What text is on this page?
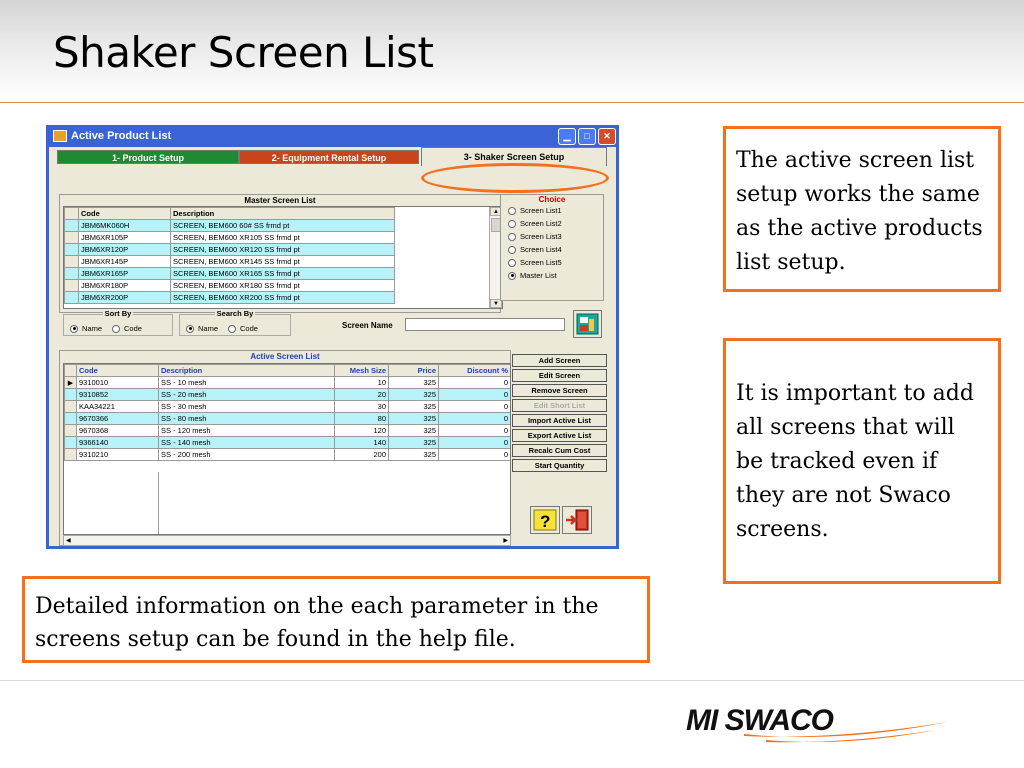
Shaker Screen List
Active Product List	▁	□	✕
1- Product Setup	2- Equipment Rental Setup	3- Shaker Screen Setup
Master Screen List
	Code	Description
	JBM6MK060H	SCREEN, BEM600 60# SS frmd pt
	JBM6XR105P	SCREEN, BEM600 XR105 SS frmd pt
	JBM6XR120P	SCREEN, BEM600 XR120 SS frmd pt
	JBM6XR145P	SCREEN, BEM600 XR145 SS frmd pt
	JBM6XR165P	SCREEN, BEM600 XR165 SS frmd pt
	JBM6XR180P	SCREEN, BEM600 XR180 SS frmd pt
	JBM6XR200P	SCREEN, BEM600 XR200 SS frmd pt
▲
▼
Choice
Screen List1
Screen List2
Screen List3
Screen List4
Screen List5
Master List
Sort By
Name	Code
Search By
Name	Code	Screen Name
Active Screen List
	Code	Description	Mesh Size	Price	Discount %
▶	9310010	SS - 10 mesh	10	325	0
	9310852	SS - 20 mesh	20	325	0
	KAA34221	SS - 30 mesh	30	325	0
	9670366	SS - 80 mesh	80	325	0
	9670368	SS - 120 mesh	120	325	0
	9366140	SS - 140 mesh	140	325	0
	9310210	SS - 200 mesh	200	325	0
◀	▶
Add Screen
Edit Screen
Remove Screen
Edit Short List
Import Active List
Export Active List
Recalc Cum Cost
Start Quantity
?
The active screen list setup works the same as the active products list setup.
It is important to add all screens that will be tracked even if they are not Swaco screens.
Detailed information on the each parameter in the screens setup can be found in the help file.
MI SWACO
